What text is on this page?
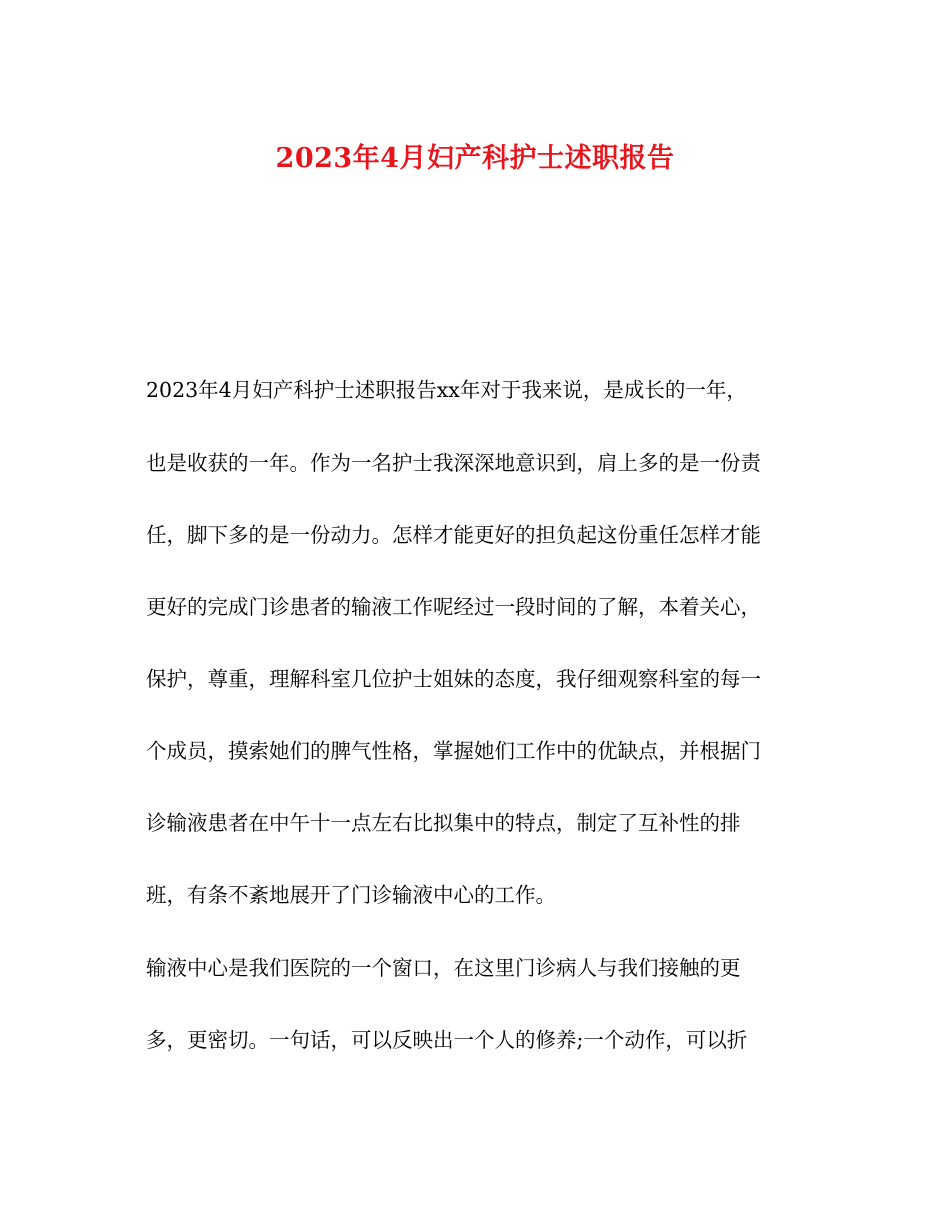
2023年4月妇产科护士述职报告
2023年4月妇产科护士述职报告xx年对于我来说，是成长的一年，
也是收获的一年。作为一名护士我深深地意识到，肩上多的是一份责
任，脚下多的是一份动力。怎样才能更好的担负起这份重任怎样才能
更好的完成门诊患者的输液工作呢经过一段时间的了解，本着关心，
保护，尊重，理解科室几位护士姐妹的态度，我仔细观察科室的每一
个成员，摸索她们的脾气性格，掌握她们工作中的优缺点，并根据门
诊输液患者在中午十一点左右比拟集中的特点，制定了互补性的排
班，有条不紊地展开了门诊输液中心的工作。
输液中心是我们医院的一个窗口，在这里门诊病人与我们接触的更
多，更密切。一句话，可以反映出一个人的修养;一个动作，可以折
